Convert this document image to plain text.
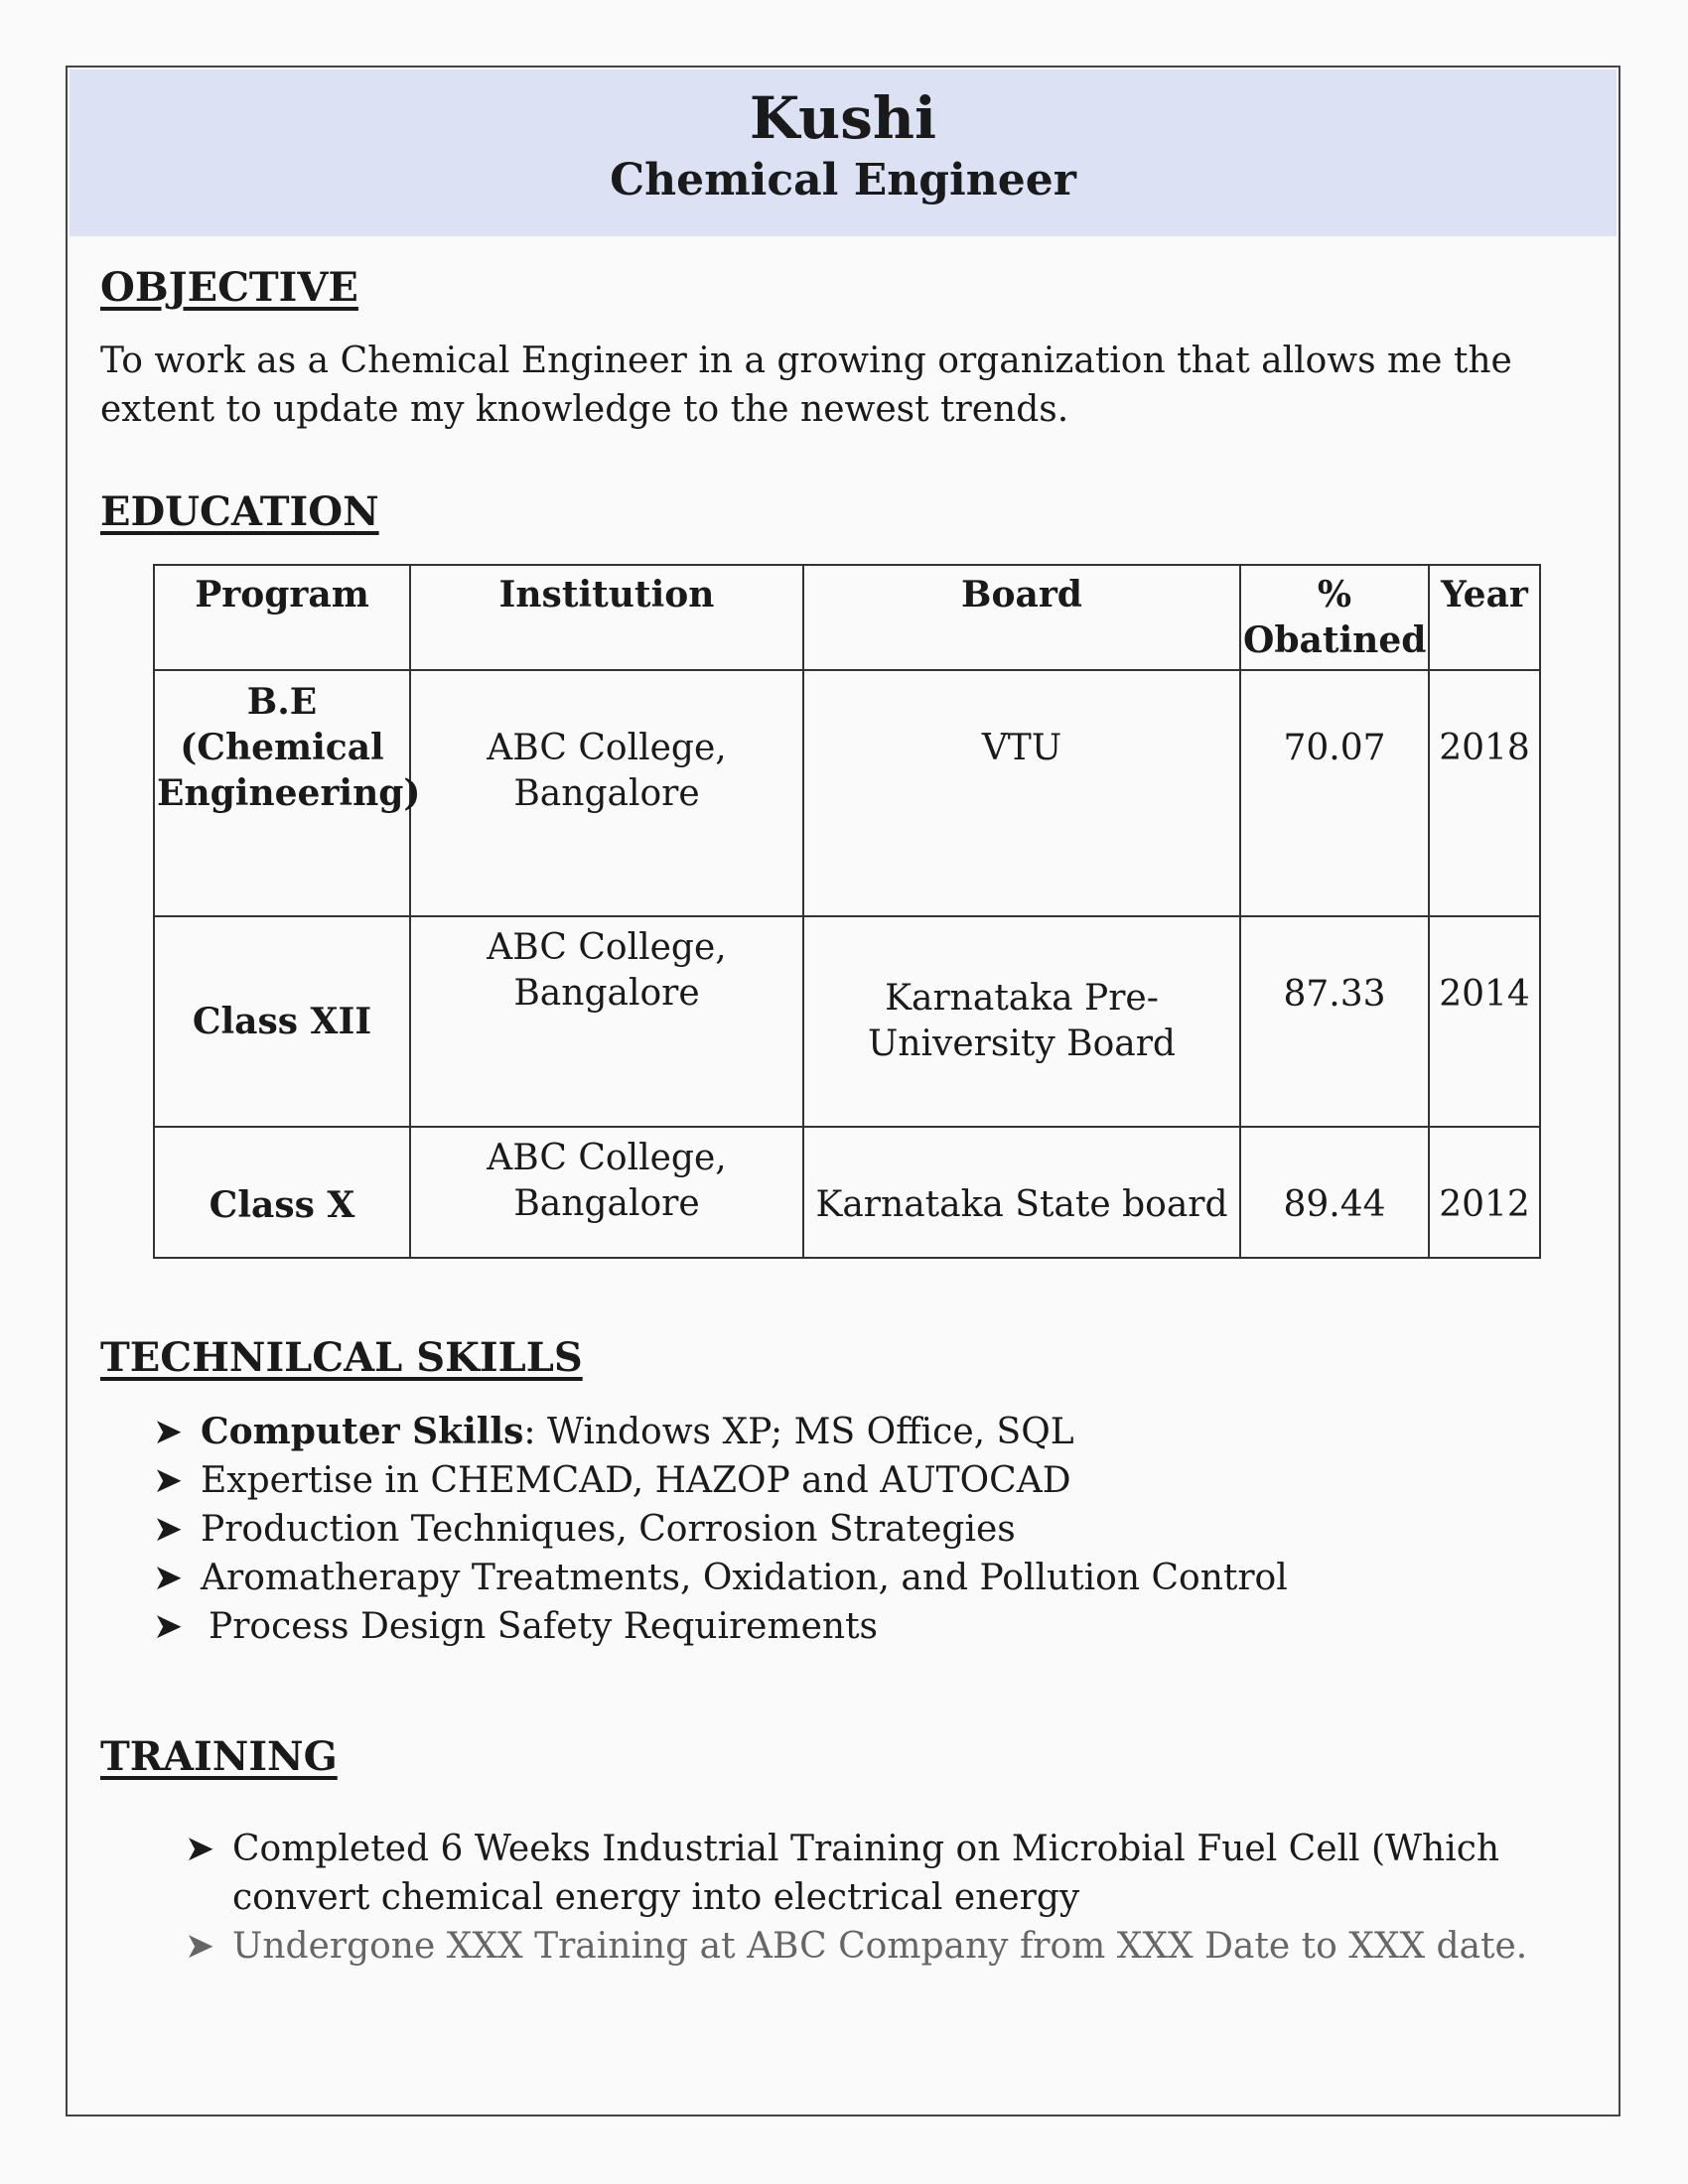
Kushi
Chemical Engineer
OBJECTIVE
To work as a Chemical Engineer in a growing organization that allows me the extent to update my knowledge to the newest trends.
EDUCATION
Program	Institution	Board	% Obatined	Year
B.E (Chemical Engineering)	ABC College, Bangalore	VTU	70.07	2018
Class XII	ABC College, Bangalore	Karnataka Pre-University Board	87.33	2014
Class X	ABC College, Bangalore	Karnataka State board	89.44	2012
TECHNILCAL SKILLS
➤ Computer Skills: Windows XP; MS Office, SQL
➤ Expertise in CHEMCAD, HAZOP and AUTOCAD
➤ Production Techniques, Corrosion Strategies
➤ Aromatherapy Treatments, Oxidation, and Pollution Control
➤ Process Design Safety Requirements
TRAINING
➤ Completed 6 Weeks Industrial Training on Microbial Fuel Cell (Which convert chemical energy into electrical energy
➤ Undergone XXX Training at ABC Company from XXX Date to XXX date.
